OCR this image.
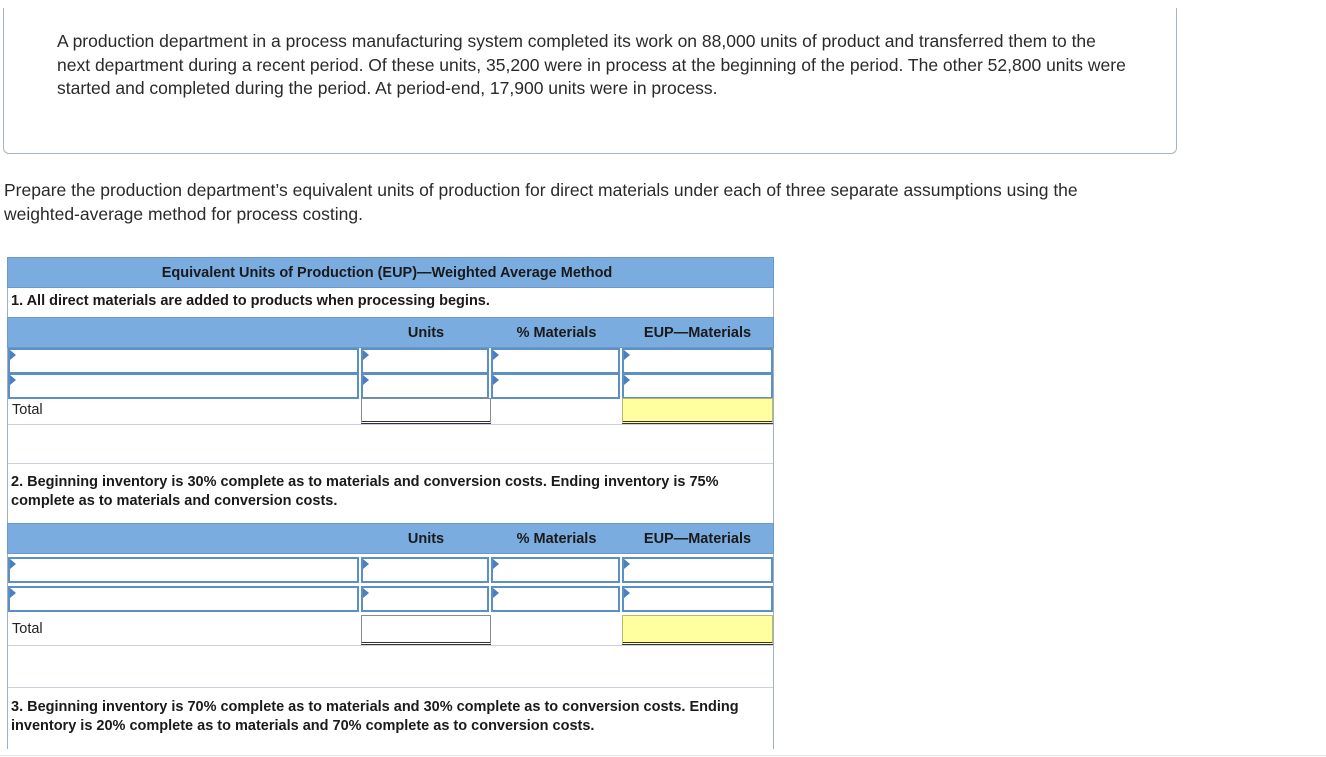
A production department in a process manufacturing system completed its work on 88,000 units of product and transferred them to the next department during a recent period. Of these units, 35,200 were in process at the beginning of the period. The other 52,800 units were started and completed during the period. At period-end, 17,900 units were in process.
Prepare the production department’s equivalent units of production for direct materials under each of three separate assumptions using the weighted-average method for process costing.
Equivalent Units of Production (EUP)—Weighted Average Method
1. All direct materials are added to products when processing begins.
Units	% Materials	EUP—Materials
Total
2. Beginning inventory is 30% complete as to materials and conversion costs. Ending inventory is 75% complete as to materials and conversion costs.
Units	% Materials	EUP—Materials
Total
3. Beginning inventory is 70% complete as to materials and 30% complete as to conversion costs. Ending inventory is 20% complete as to materials and 70% complete as to conversion costs.
